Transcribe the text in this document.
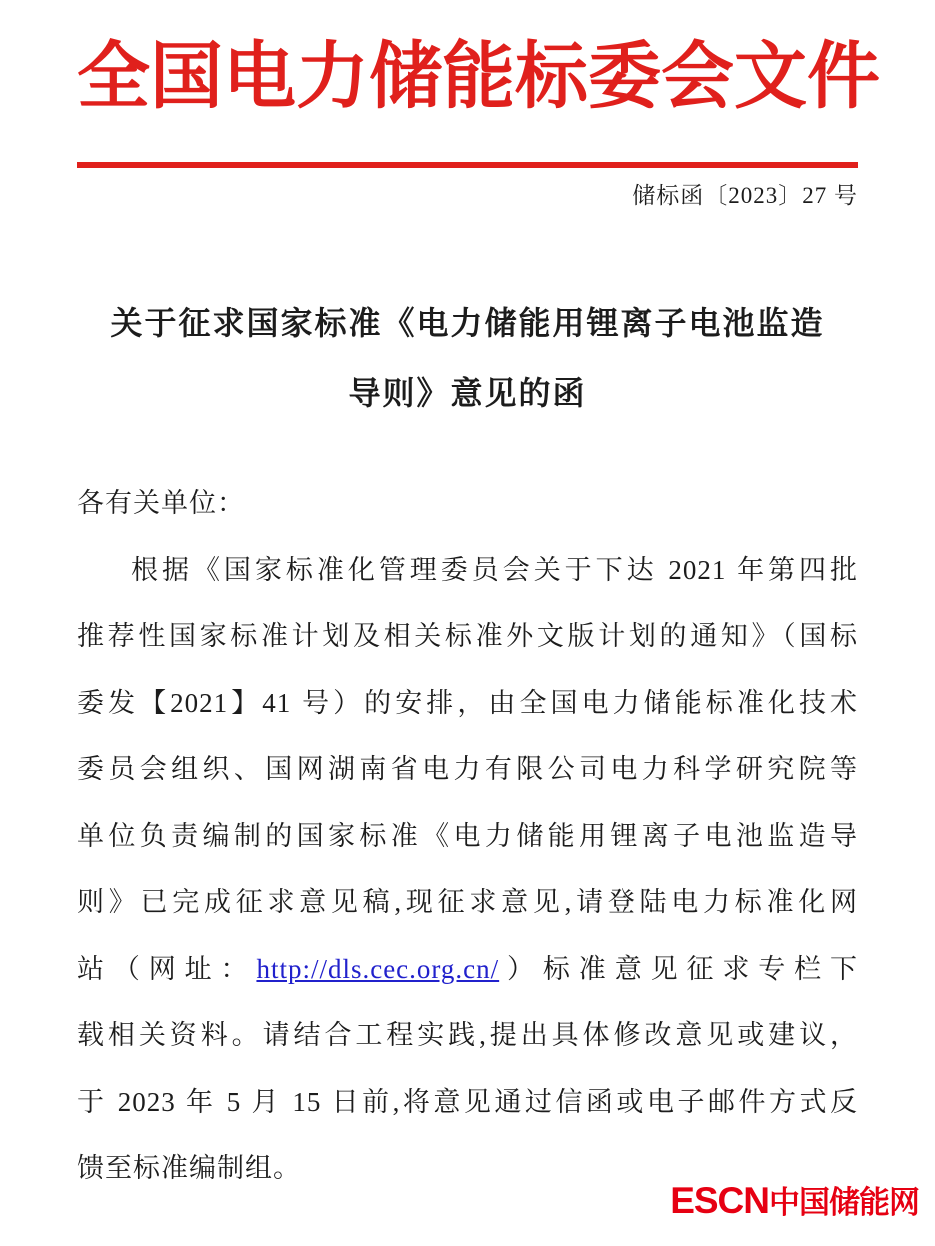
全国电力储能标委会文件
储标函〔2023〕27 号
关于征求国家标准《电力储能用锂离子电池监造
导则》意见的函
各有关单位：
根据《国家标准化管理委员会关于下达 2021 年第四批
推荐性国家标准计划及相关标准外文版计划的通知》（国标
委发【2021】41 号）的安排，由全国电力储能标准化技术
委员会组织、国网湖南省电力有限公司电力科学研究院等
单位负责编制的国家标准《电力储能用锂离子电池监造导
则》已完成征求意见稿,现征求意见,请登陆电力标准化网
站（网址：http://dls.cec.org.cn/）标准意见征求专栏下
载相关资料。请结合工程实践,提出具体修改意见或建议，
于 2023 年 5 月 15 日前,将意见通过信函或电子邮件方式反
馈至标准编制组。
ESCN中国储能网
